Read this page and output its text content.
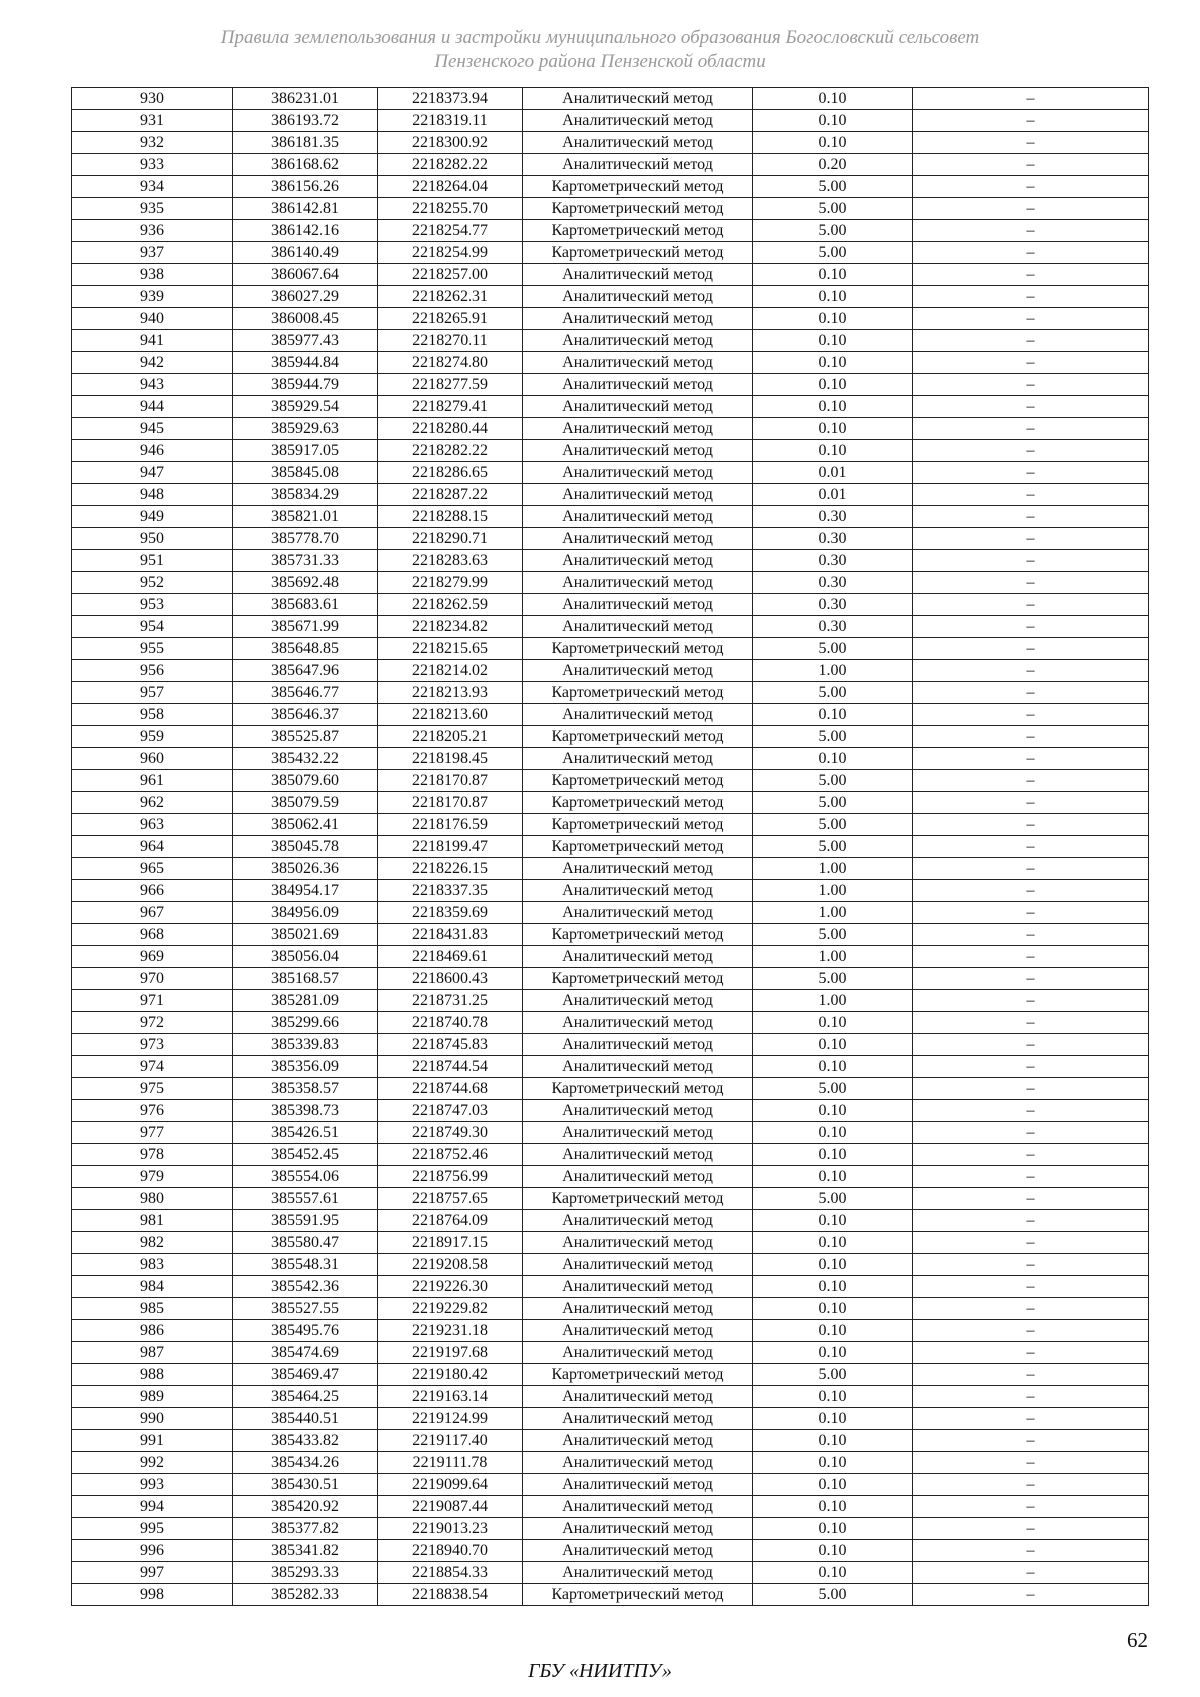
Правила землепользования и застройки муниципального образования Богословский сельсовет
Пензенского района Пензенской области
930	386231.01	2218373.94	Аналитический метод	0.10	–
931	386193.72	2218319.11	Аналитический метод	0.10	–
932	386181.35	2218300.92	Аналитический метод	0.10	–
933	386168.62	2218282.22	Аналитический метод	0.20	–
934	386156.26	2218264.04	Картометрический метод	5.00	–
935	386142.81	2218255.70	Картометрический метод	5.00	–
936	386142.16	2218254.77	Картометрический метод	5.00	–
937	386140.49	2218254.99	Картометрический метод	5.00	–
938	386067.64	2218257.00	Аналитический метод	0.10	–
939	386027.29	2218262.31	Аналитический метод	0.10	–
940	386008.45	2218265.91	Аналитический метод	0.10	–
941	385977.43	2218270.11	Аналитический метод	0.10	–
942	385944.84	2218274.80	Аналитический метод	0.10	–
943	385944.79	2218277.59	Аналитический метод	0.10	–
944	385929.54	2218279.41	Аналитический метод	0.10	–
945	385929.63	2218280.44	Аналитический метод	0.10	–
946	385917.05	2218282.22	Аналитический метод	0.10	–
947	385845.08	2218286.65	Аналитический метод	0.01	–
948	385834.29	2218287.22	Аналитический метод	0.01	–
949	385821.01	2218288.15	Аналитический метод	0.30	–
950	385778.70	2218290.71	Аналитический метод	0.30	–
951	385731.33	2218283.63	Аналитический метод	0.30	–
952	385692.48	2218279.99	Аналитический метод	0.30	–
953	385683.61	2218262.59	Аналитический метод	0.30	–
954	385671.99	2218234.82	Аналитический метод	0.30	–
955	385648.85	2218215.65	Картометрический метод	5.00	–
956	385647.96	2218214.02	Аналитический метод	1.00	–
957	385646.77	2218213.93	Картометрический метод	5.00	–
958	385646.37	2218213.60	Аналитический метод	0.10	–
959	385525.87	2218205.21	Картометрический метод	5.00	–
960	385432.22	2218198.45	Аналитический метод	0.10	–
961	385079.60	2218170.87	Картометрический метод	5.00	–
962	385079.59	2218170.87	Картометрический метод	5.00	–
963	385062.41	2218176.59	Картометрический метод	5.00	–
964	385045.78	2218199.47	Картометрический метод	5.00	–
965	385026.36	2218226.15	Аналитический метод	1.00	–
966	384954.17	2218337.35	Аналитический метод	1.00	–
967	384956.09	2218359.69	Аналитический метод	1.00	–
968	385021.69	2218431.83	Картометрический метод	5.00	–
969	385056.04	2218469.61	Аналитический метод	1.00	–
970	385168.57	2218600.43	Картометрический метод	5.00	–
971	385281.09	2218731.25	Аналитический метод	1.00	–
972	385299.66	2218740.78	Аналитический метод	0.10	–
973	385339.83	2218745.83	Аналитический метод	0.10	–
974	385356.09	2218744.54	Аналитический метод	0.10	–
975	385358.57	2218744.68	Картометрический метод	5.00	–
976	385398.73	2218747.03	Аналитический метод	0.10	–
977	385426.51	2218749.30	Аналитический метод	0.10	–
978	385452.45	2218752.46	Аналитический метод	0.10	–
979	385554.06	2218756.99	Аналитический метод	0.10	–
980	385557.61	2218757.65	Картометрический метод	5.00	–
981	385591.95	2218764.09	Аналитический метод	0.10	–
982	385580.47	2218917.15	Аналитический метод	0.10	–
983	385548.31	2219208.58	Аналитический метод	0.10	–
984	385542.36	2219226.30	Аналитический метод	0.10	–
985	385527.55	2219229.82	Аналитический метод	0.10	–
986	385495.76	2219231.18	Аналитический метод	0.10	–
987	385474.69	2219197.68	Аналитический метод	0.10	–
988	385469.47	2219180.42	Картометрический метод	5.00	–
989	385464.25	2219163.14	Аналитический метод	0.10	–
990	385440.51	2219124.99	Аналитический метод	0.10	–
991	385433.82	2219117.40	Аналитический метод	0.10	–
992	385434.26	2219111.78	Аналитический метод	0.10	–
993	385430.51	2219099.64	Аналитический метод	0.10	–
994	385420.92	2219087.44	Аналитический метод	0.10	–
995	385377.82	2219013.23	Аналитический метод	0.10	–
996	385341.82	2218940.70	Аналитический метод	0.10	–
997	385293.33	2218854.33	Аналитический метод	0.10	–
998	385282.33	2218838.54	Картометрический метод	5.00	–
62
ГБУ «НИИТПУ»
